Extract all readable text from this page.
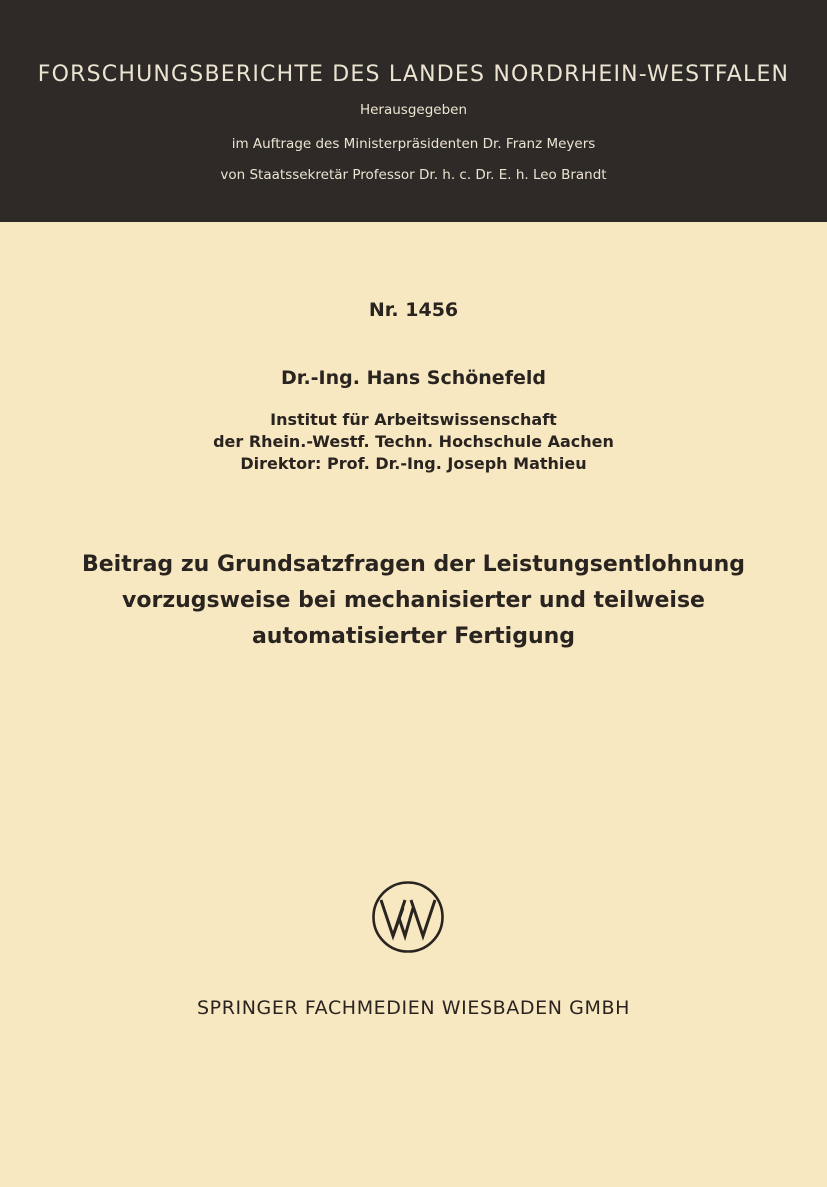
FORSCHUNGSBERICHTE DES LANDES NORDRHEIN-WESTFALEN
Herausgegeben
im Auftrage des Ministerpräsidenten Dr. Franz Meyers
von Staatssekretär Professor Dr. h. c. Dr. E. h. Leo Brandt
Nr. 1456
Dr.-Ing. Hans Schönefeld
Institut für Arbeitswissenschaft
der Rhein.-Westf. Techn. Hochschule Aachen
Direktor: Prof. Dr.-Ing. Joseph Mathieu
Beitrag zu Grundsatzfragen der Leistungsentlohnung
vorzugsweise bei mechanisierter und teilweise
automatisierter Fertigung
SPRINGER FACHMEDIEN WIESBADEN GMBH
